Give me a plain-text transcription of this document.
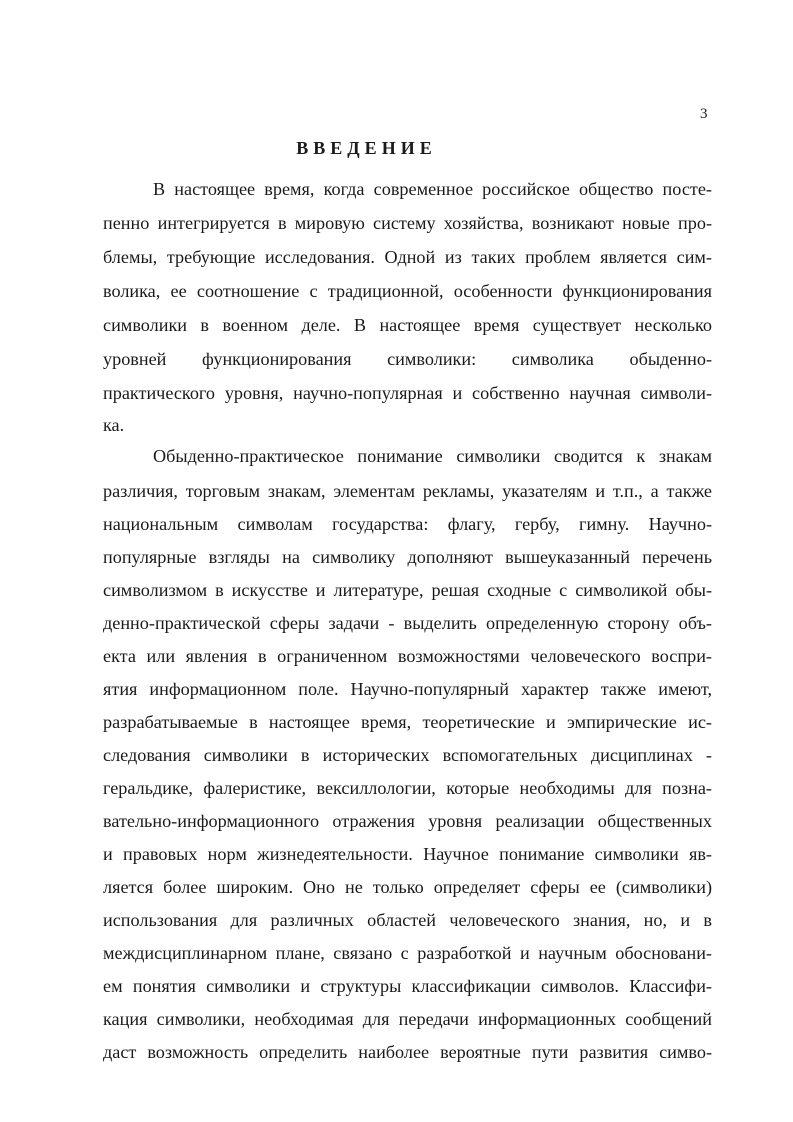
3
ВВЕДЕНИЕ
В настоящее время, когда современное российское общество посте-
пенно интегрируется в мировую систему хозяйства, возникают новые про-
блемы, требующие исследования. Одной из таких проблем является сим-
волика, ее соотношение с традиционной, особенности функционирования
символики в военном деле. В настоящее время существует несколько
уровней функционирования символики: символика обыденно-
практического уровня, научно-популярная и собственно научная символи-
ка.
Обыденно-практическое понимание символики сводится к знакам
различия, торговым знакам, элементам рекламы, указателям и т.п., а также
национальным символам государства: флагу, гербу, гимну. Научно-
популярные взгляды на символику дополняют вышеуказанный перечень
символизмом в искусстве и литературе, решая сходные с символикой обы-
денно-практической сферы задачи - выделить определенную сторону объ-
екта или явления в ограниченном возможностями человеческого воспри-
ятия информационном поле. Научно-популярный характер также имеют,
разрабатываемые в настоящее время, теоретические и эмпирические ис-
следования символики в исторических вспомогательных дисциплинах -
геральдике, фалеристике, вексиллологии, которые необходимы для позна-
вательно-информационного отражения уровня реализации общественных
и правовых норм жизнедеятельности. Научное понимание символики яв-
ляется более широким. Оно не только определяет сферы ее (символики)
использования для различных областей человеческого знания, но, и в
междисциплинарном плане, связано с разработкой и научным обосновани-
ем понятия символики и структуры классификации символов. Классифи-
кация символики, необходимая для передачи информационных сообщений
даст возможность определить наиболее вероятные пути развития симво-
